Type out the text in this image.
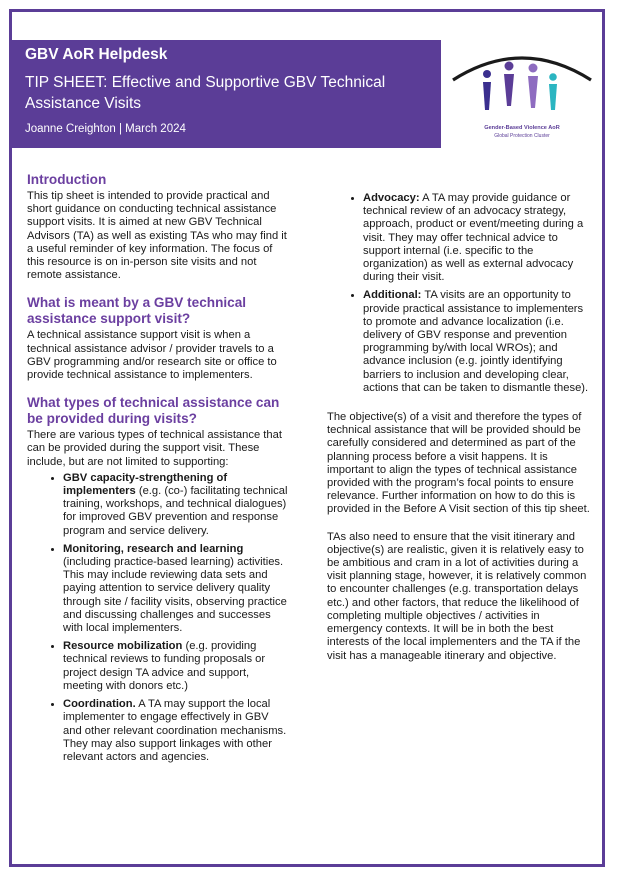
GBV AoR Helpdesk
TIP SHEET: Effective and Supportive GBV Technical Assistance Visits
Joanne Creighton | March 2024	Gender-Based Violence AoR
Global Protection Cluster
Introduction

This tip sheet is intended to provide practical and short guidance on conducting technical assistance support visits. It is aimed at new GBV Technical Advisors (TA) as well as existing TAs who may find it a useful reminder of key information. The focus of this resource is on in-person site visits and not remote assistance.

What is meant by a GBV technical assistance support visit?

A technical assistance support visit is when a technical assistance advisor / provider travels to a GBV programming and/or research site or office to provide technical assistance to implementers.

What types of technical assistance can be provided during visits?

There are various types of technical assistance that can be provided during the support visit. These include, but are not limited to supporting:

• GBV capacity-strengthening of implementers (e.g. (co-) facilitating technical training, workshops, and technical dialogues) for improved GBV prevention and response program and service delivery.
• Monitoring, research and learning (including practice-based learning) activities. This may include reviewing data sets and paying attention to service delivery quality through site / facility visits, observing practice and discussing challenges and successes with local implementers.
• Resource mobilization (e.g. providing technical reviews to funding proposals or project design TA advice and support, meeting with donors etc.)
• Coordination. A TA may support the local implementer to engage effectively in GBV and other relevant coordination mechanisms. They may also support linkages with other relevant actors and agencies.
• Advocacy: A TA may provide guidance or technical review of an advocacy strategy, approach, product or event/meeting during a visit. They may offer technical advice to support internal (i.e. specific to the organization) as well as external advocacy during their visit.
• Additional: TA visits are an opportunity to provide practical assistance to implementers to promote and advance localization (i.e. delivery of GBV response and prevention programming by/with local WROs); and advance inclusion (e.g. jointly identifying barriers to inclusion and developing clear, actions that can be taken to dismantle these).

The objective(s) of a visit and therefore the types of technical assistance that will be provided should be carefully considered and determined as part of the planning process before a visit happens. It is important to align the types of technical assistance provided with the program’s focal points to ensure relevance. Further information on how to do this is provided in the Before A Visit section of this tip sheet.

TAs also need to ensure that the visit itinerary and objective(s) are realistic, given it is relatively easy to be ambitious and cram in a lot of activities during a visit planning stage, however, it is relatively common to encounter challenges (e.g. transportation delays etc.) and other factors, that reduce the likelihood of completing multiple objectives / activities in emergency contexts. It will be in both the best interests of the local implementers and the TA if the visit has a manageable itinerary and objective.
